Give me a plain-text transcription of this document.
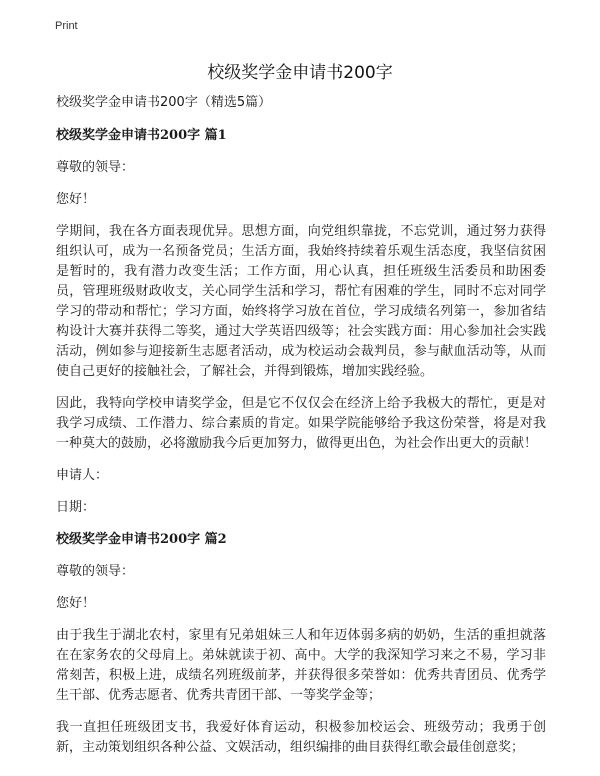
Print
校级奖学金申请书200字

校级奖学金申请书200字（精选5篇）

校级奖学金申请书200字 篇1

尊敬的领导：

您好！

学期间，我在各方面表现优异。思想方面，向党组织靠拢，不忘党训，通过努力获得组织认可，成为一名预备党员；生活方面，我始终持续着乐观生活态度，我坚信贫困是暂时的，我有潜力改变生活；工作方面，用心认真，担任班级生活委员和助困委员，管理班级财政收支，关心同学生活和学习，帮忙有困难的学生，同时不忘对同学学习的带动和帮忙；学习方面，始终将学习放在首位，学习成绩名列第一，参加省结构设计大赛并获得二等奖，通过大学英语四级等；社会实践方面：用心参加社会实践活动，例如参与迎接新生志愿者活动，成为校运动会裁判员，参与献血活动等，从而使自己更好的接触社会，了解社会，并得到锻炼，增加实践经验。

因此，我特向学校申请奖学金，但是它不仅仅会在经济上给予我极大的帮忙，更是对我学习成绩、工作潜力、综合素质的肯定。如果学院能够给予我这份荣誉，将是对我一种莫大的鼓励，必将激励我今后更加努力，做得更出色，为社会作出更大的贡献！

申请人：

日期：

校级奖学金申请书200字 篇2

尊敬的领导：

您好！

由于我生于湖北农村，家里有兄弟姐妹三人和年迈体弱多病的奶奶，生活的重担就落在在家务农的父母肩上。弟妹就读于初、高中。大学的我深知学习来之不易，学习非常刻苦，积极上进，成绩名列班级前茅，并获得很多荣誉如：优秀共青团员、优秀学生干部、优秀志愿者、优秀共青团干部、一等奖学金等；

我一直担任班级团支书，我爱好体育运动，积极参加校运会、班级劳动；我勇于创新，主动策划组织各种公益、文娱活动，组织编排的曲目获得红歌会最佳创意奖；
